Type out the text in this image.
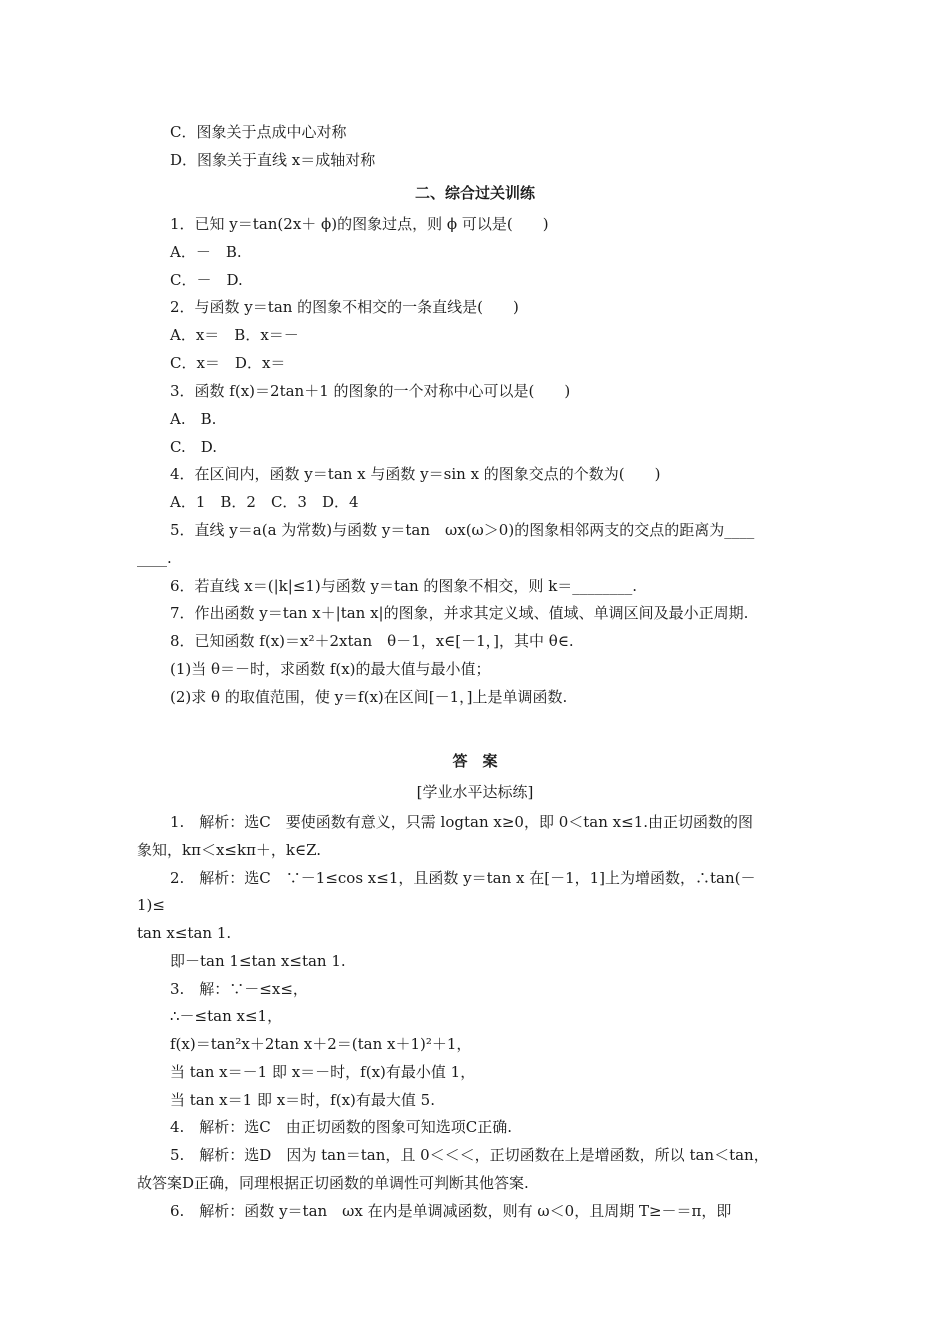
C．图象关于点成中心对称
D．图象关于直线 x＝成轴对称
二、综合过关训练
1．已知 y＝tan(2x＋ ϕ)的图象过点，则 ϕ 可以是(　　)
A．－　B.
C．－　D.
2．与函数 y＝tan 的图象不相交的一条直线是(　　)
A．x＝　B．x＝－
C．x＝　D．x＝
3．函数 f(x)＝2tan＋1 的图象的一个对称中心可以是(　　)
A.　B.
C.　D.
4．在区间内，函数 y＝tan x 与函数 y＝sin x 的图象交点的个数为(　　)
A．1　B．2　C．3　D．4
5．直线 y＝a(a 为常数)与函数 y＝tan　ωx(ω＞0)的图象相邻两支的交点的距离为____
____.
6．若直线 x＝(|k|≤1)与函数 y＝tan 的图象不相交，则 k＝________.
7．作出函数 y＝tan x＋|tan x|的图象，并求其定义域、值域、单调区间及最小正周期.
8．已知函数 f(x)＝x²＋2xtan　θ－1，x∈[－1，]，其中 θ∈.
(1)当 θ＝－时，求函数 f(x)的最大值与最小值；
(2)求 θ 的取值范围，使 y＝f(x)在区间[－1，]上是单调函数.
答　案
[学业水平达标练]
1.　解析：选C　要使函数有意义，只需 logtan x≥0，即 0＜tan x≤1.由正切函数的图
象知，kπ＜x≤kπ＋，k∈Z.
2.　解析：选C　∵－1≤cos x≤1，且函数 y＝tan x 在[－1，1]上为增函数，∴tan(－
1)≤
tan x≤tan 1.
即－tan 1≤tan x≤tan 1.
3.　解：∵－≤x≤，
∴－≤tan x≤1，
f(x)＝tan²x＋2tan x＋2＝(tan x＋1)²＋1，
当 tan x＝－1 即 x＝－时，f(x)有最小值 1，
当 tan x＝1 即 x＝时，f(x)有最大值 5.
4.　解析：选C　由正切函数的图象可知选项C正确.
5.　解析：选D　因为 tan＝tan，且 0＜＜＜，正切函数在上是增函数，所以 tan＜tan，
故答案D正确，同理根据正切函数的单调性可判断其他答案.
6.　解析：函数 y＝tan　ωx 在内是单调减函数，则有 ω＜0，且周期 T≥－＝π，即
